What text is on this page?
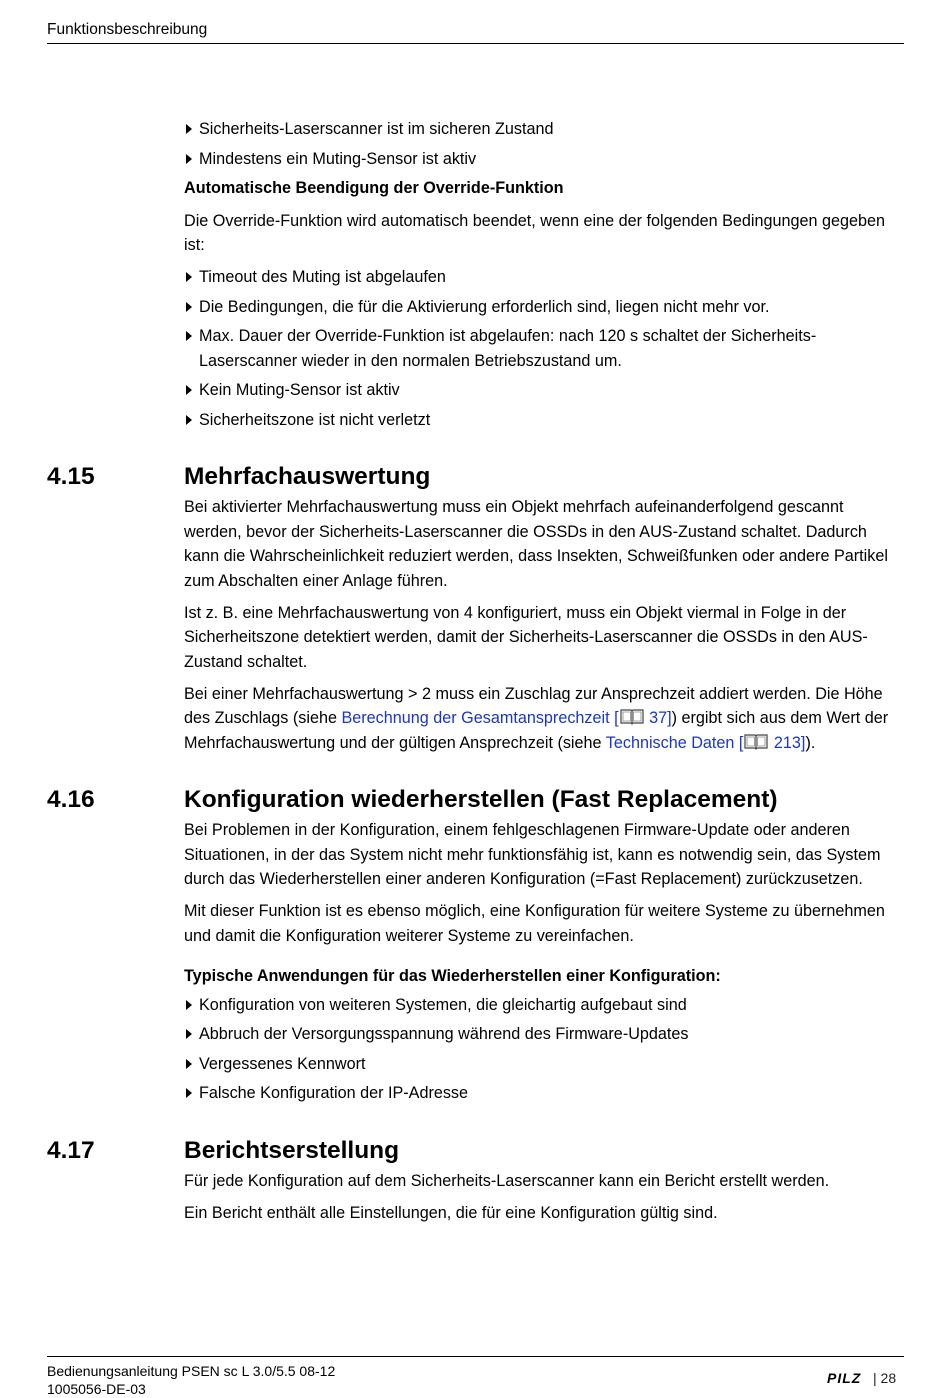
Funktionsbeschreibung
Sicherheits-Laserscanner ist im sicheren Zustand
Mindestens ein Muting-Sensor ist aktiv

Automatische Beendigung der Override-Funktion

Die Override-Funktion wird automatisch beendet, wenn eine der folgenden Bedingungen gegeben ist:

Timeout des Muting ist abgelaufen
Die Bedingungen, die für die Aktivierung erforderlich sind, liegen nicht mehr vor.
Max. Dauer der Override-Funktion ist abgelaufen: nach 120 s schaltet der Sicherheits-Laserscanner wieder in den normalen Betriebszustand um.
Kein Muting-Sensor ist aktiv
Sicherheitszone ist nicht verletzt
4.15	Mehrfachauswertung

Bei aktivierter Mehrfachauswertung muss ein Objekt mehrfach aufeinanderfolgend gescannt werden, bevor der Sicherheits-Laserscanner die OSSDs in den AUS-Zustand schaltet. Dadurch kann die Wahrscheinlichkeit reduziert werden, dass Insekten, Schweißfunken oder andere Partikel zum Abschalten einer Anlage führen.

Ist z. B. eine Mehrfachauswertung von 4 konfiguriert, muss ein Objekt viermal in Folge in der Sicherheitszone detektiert werden, damit der Sicherheits-Laserscanner die OSSDs in den AUS-Zustand schaltet.

Bei einer Mehrfachauswertung > 2 muss ein Zuschlag zur Ansprechzeit addiert werden. Die Höhe des Zuschlags (siehe Berechnung der Gesamtansprechzeit [ 37]) ergibt sich aus dem Wert der Mehrfachauswertung und der gültigen Ansprechzeit (siehe Technische Daten [ 213]).

4.16	Konfiguration wiederherstellen (Fast Replacement)

Bei Problemen in der Konfiguration, einem fehlgeschlagenen Firmware-Update oder anderen Situationen, in der das System nicht mehr funktionsfähig ist, kann es notwendig sein, das System durch das Wiederherstellen einer anderen Konfiguration (=Fast Replacement) zurückzusetzen.

Mit dieser Funktion ist es ebenso möglich, eine Konfiguration für weitere Systeme zu übernehmen und damit die Konfiguration weiterer Systeme zu vereinfachen.

Typische Anwendungen für das Wiederherstellen einer Konfiguration:

Konfiguration von weiteren Systemen, die gleichartig aufgebaut sind
Abbruch der Versorgungsspannung während des Firmware-Updates
Vergessenes Kennwort
Falsche Konfiguration der IP-Adresse
4.17	Berichtserstellung

Für jede Konfiguration auf dem Sicherheits-Laserscanner kann ein Bericht erstellt werden.

Ein Bericht enthält alle Einstellungen, die für eine Konfiguration gültig sind.

Bedienungsanleitung PSEN sc L 3.0/5.5 08-12
1005056-DE-03
PILZ | 28
